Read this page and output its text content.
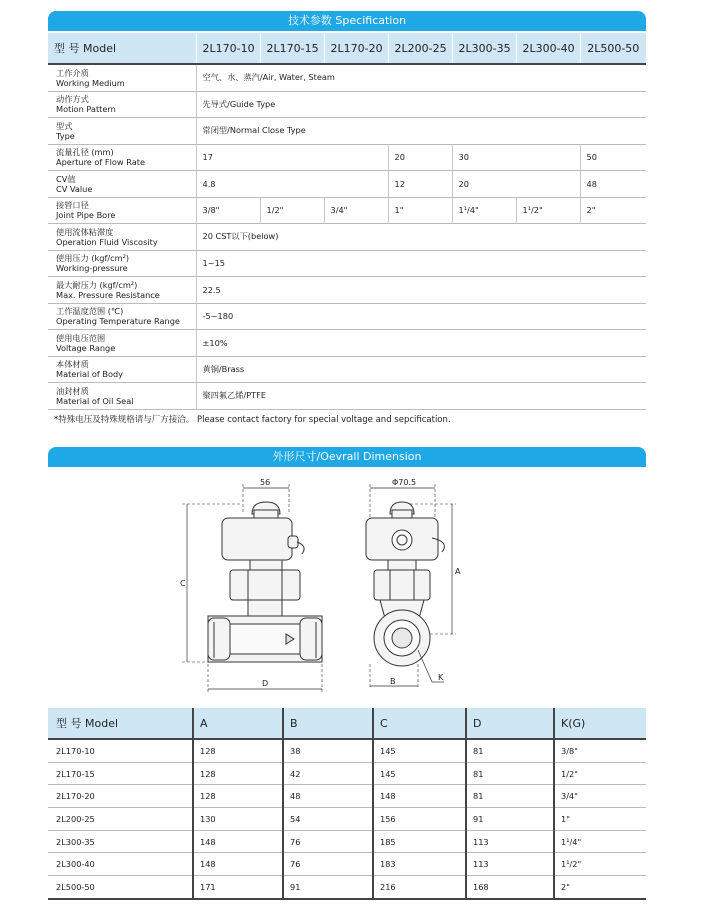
技术参数 Specification
型 号 Model	2L170-10	2L170-15	2L170-20	2L200-25	2L300-35	2L300-40	2L500-50

工作介质
Working Medium	空气、水、蒸汽/Air, Water, Steam						

动作方式
Motion Pattern	先导式/Guide Type						

型式
Type	常闭型/Normal Close Type						

流量孔径 (mm)
Aperture of Flow Rate	17			20	30		50

CV值
CV Value	4.8			12	20		48

接管口径
Joint Pipe Bore	3/8"	1/2"	3/4"	1"	1¹/4"	1¹/2"	2"

使用流体粘滞度
Operation Fluid Viscosity	20 CST以下(below)						

使用压力 (kgf/cm²)
Working-pressure	1~15						

最大耐压力 (kgf/cm²)
Max. Pressure Resistance	22.5						

工作温度范围 (℃)
Operating Temperature Range	-5~180						

使用电压范围
Voltage Range	±10%						

本体材质
Material of Body	黄铜/Brass						

油封材质
Material of Oil Seal	聚四氟乙烯/PTFE						
*特殊电压及特殊规格请与厂方接洽。 Please contact factory for special voltage and sepcification.
外形尺寸/Oevrall Dimension
56	Φ70.5
C
A
D	B	K
型 号 Model	A	B	C	D	K(G)
2L170-10	128	38	145	81	3/8"
2L170-15	128	42	145	81	1/2"
2L170-20	128	48	148	81	3/4"
2L200-25	130	54	156	91	1"
2L300-35	148	76	185	113	1¹/4"
2L300-40	148	76	183	113	1¹/2"
2L500-50	171	91	216	168	2"
